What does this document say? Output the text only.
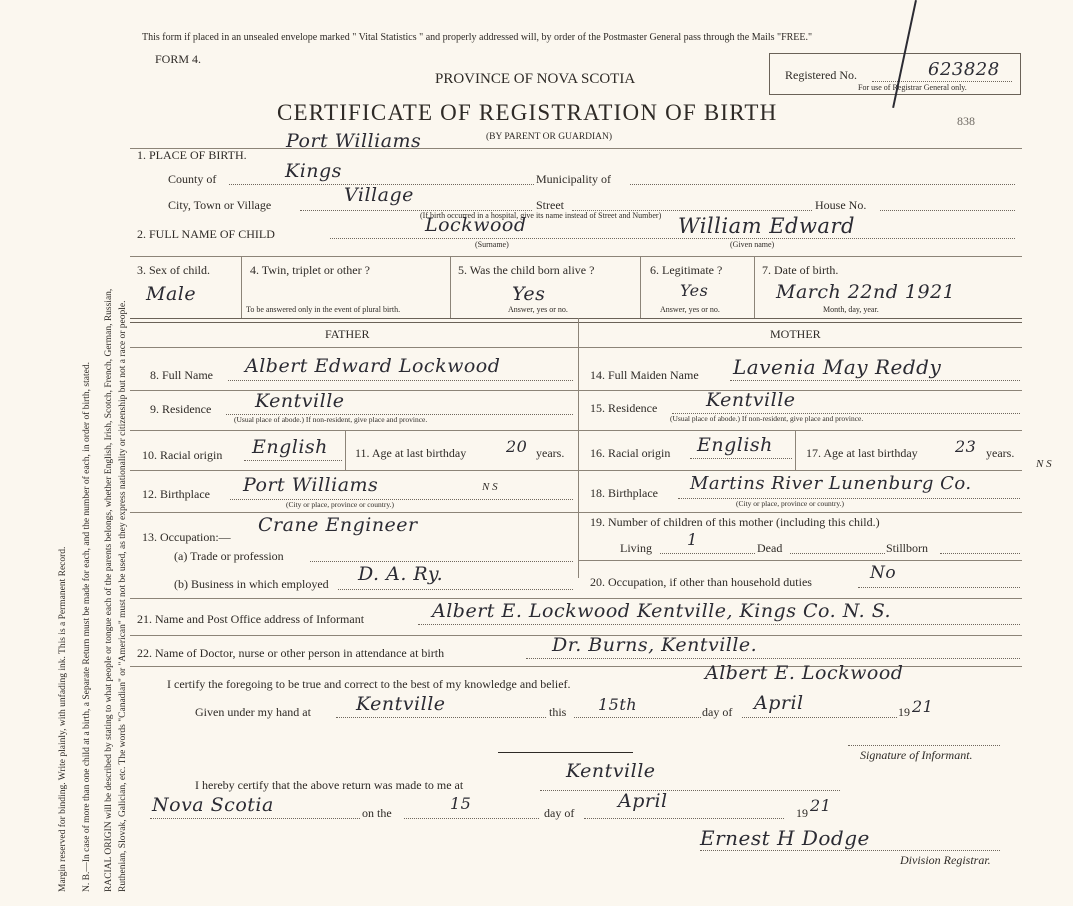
Margin reserved for binding. Write plainly, with unfading ink. This is a Permanent Record. N. B.—In case of more than one child at a birth, a Separate Return must be made for each, and the number of each, in order of birth, stated. RACIAL ORIGIN will be described by stating to what people or tongue each of the parents belongs, whether English, Irish, Scotch, French, German, Russian, Ruthenian, Slovak, Galician, etc. The words "Canadian" or "American" must not be used, as they express nationality or citizenship but not a race or people.
This form if placed in an unsealed envelope marked " Vital Statistics " and properly addressed will, by order of the Postmaster General pass through the Mails "FREE."
FORM 4.
PROVINCE OF NOVA SCOTIA
CERTIFICATE OF REGISTRATION OF BIRTH
(BY PARENT OR GUARDIAN)
Registered No.	623828
For use of Registrar General only.
838
1. PLACE OF BIRTH.
Port Williams
County of	Kings	Municipality of
City, Town or Village	Village	Street	House No.
(If birth occurred in a hospital, give its name instead of Street and Number)
2. FULL NAME OF CHILD	Lockwood	William Edward
(Surname)	(Given name)
3. Sex of child.
Male
4. Twin, triplet or other ?
To be answered only in the event of plural birth.
5. Was the child born alive ?
Yes
Answer, yes or no.
6. Legitimate ?
Yes
Answer, yes or no.
7. Date of birth.
March 22nd 1921
Month, day, year.
FATHER	MOTHER
8. Full Name Albert Edward Lockwood
9. Residence Kentville
(Usual place of abode.) If non-resident, give place and province.
10. Racial origin English 11. Age at last birthday 20 years.
12. Birthplace Port Williams	N S
(City or place, province or country.)
13. Occupation:—
Crane Engineer
(a) Trade or profession
(b) Business in which employed D. A. Ry.
14. Full Maiden Name Lavenia May Reddy
15. Residence	Kentville
(Usual place of abode.) If non-resident, give place and province.
16. Racial origin English	17. Age at last birthday 23 years.
18. Birthplace Martins River Lunenburg Co.
N S
(City or place, province or country.)
19. Number of children of this mother (including this child.)
Living 1	Dead	Stillborn
20. Occupation, if other than household duties	No
21. Name and Post Office address of Informant	Albert E. Lockwood Kentville, Kings Co. N. S.
22. Name of Doctor, nurse or other person in attendance at birth	Dr. Burns, Kentville.
I certify the foregoing to be true and correct to the best of my knowledge and belief.	Albert E. Lockwood
Given under my hand at Kentville	this 15th	day of April	19 21
Signature of Informant.
I hereby certify that the above return was made to me at
Kentville
Nova Scotia	on the	15	day of
April
19 21
Ernest H Dodge
Division Registrar.
